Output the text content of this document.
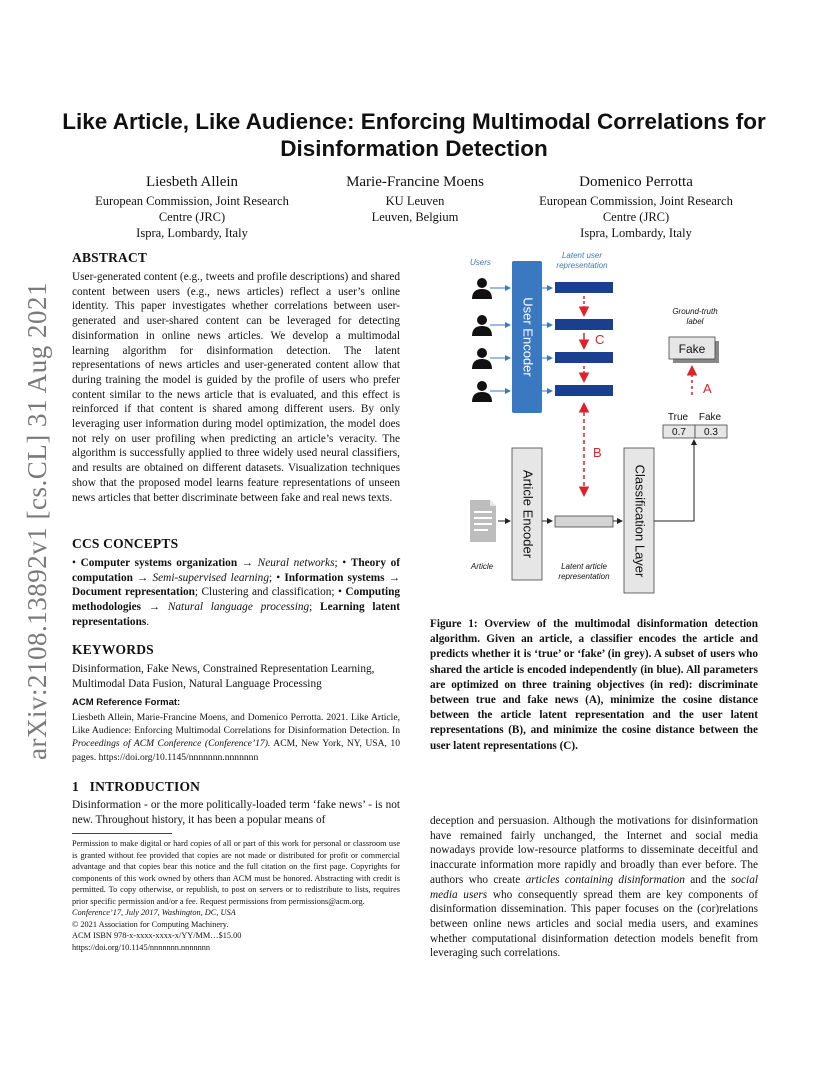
arXiv:2108.13892v1 [cs.CL] 31 Aug 2021
Like Article, Like Audience: Enforcing Multimodal Correlations for Disinformation Detection
Liesbeth Allein
European Commission, Joint Research
Centre (JRC)
Ispra, Lombardy, Italy
Marie-Francine Moens
KU Leuven
Leuven, Belgium
Domenico Perrotta
European Commission, Joint Research
Centre (JRC)
Ispra, Lombardy, Italy
ABSTRACT

User-generated content (e.g., tweets and profile descriptions) and shared content between users (e.g., news articles) reflect a user’s online identity. This paper investigates whether correlations between user-generated and user-shared content can be leveraged for detecting disinformation in online news articles. We develop a multimodal learning algorithm for disinformation detection. The latent representations of news articles and user-generated content allow that during training the model is guided by the profile of users who prefer content similar to the news article that is evaluated, and this effect is reinforced if that content is shared among different users. By only leveraging user information during model optimization, the model does not rely on user profiling when predicting an article’s veracity. The algorithm is successfully applied to three widely used neural classifiers, and results are obtained on different datasets. Visualization techniques show that the proposed model learns feature representations of unseen news articles that better discriminate between fake and real news texts.

CCS CONCEPTS

• Computer systems organization → Neural networks; • Theory of computation → Semi-supervised learning; • Information systems → Document representation; Clustering and classification; • Computing methodologies → Natural language processing; Learning latent representations.

KEYWORDS

Disinformation, Fake News, Constrained Representation Learning, Multimodal Data Fusion, Natural Language Processing

ACM Reference Format:

Liesbeth Allein, Marie-Francine Moens, and Domenico Perrotta. 2021. Like Article, Like Audience: Enforcing Multimodal Correlations for Disinformation Detection. In Proceedings of ACM Conference (Conference’17). ACM, New York, NY, USA, 10 pages. https://doi.org/10.1145/nnnnnnn.nnnnnnn

1   INTRODUCTION

Disinformation - or the more politically-loaded term ‘fake news’ - is not new. Throughout history, it has been a popular means of

Permission to make digital or hard copies of all or part of this work for personal or classroom use is granted without fee provided that copies are not made or distributed for profit or commercial advantage and that copies bear this notice and the full citation on the first page. Copyrights for components of this work owned by others than ACM must be honored. Abstracting with credit is permitted. To copy otherwise, or republish, to post on servers or to redistribute to lists, requires prior specific permission and/or a fee. Request permissions from permissions@acm.org.
Conference’17, July 2017, Washington, DC, USA
© 2021 Association for Computing Machinery.
ACM ISBN 978-x-xxxx-xxxx-x/YY/MM…$15.00
https://doi.org/10.1145/nnnnnnn.nnnnnnn
Users
Latent user
representation
User Encoder	C
B
Ground-truth
label
Fake
A
True Fake
0.7 0.3
Article
Article Encoder
Latent article
representation Classification Layer

Figure 1: Overview of the multimodal disinformation detection algorithm. Given an article, a classifier encodes the article and predicts whether it is ‘true’ or ‘fake’ (in grey). A subset of users who shared the article is encoded independently (in blue). All parameters are optimized on three training objectives (in red): discriminate between true and fake news (A), minimize the cosine distance between the article latent representation and the user latent representations (B), and minimize the cosine distance between the user latent representations (C).

deception and persuasion. Although the motivations for disinformation have remained fairly unchanged, the Internet and social media nowadays provide low-resource platforms to disseminate deceitful and inaccurate information more rapidly and broadly than ever before. The authors who create articles containing disinformation and the social media users who consequently spread them are key components of disinformation dissemination. This paper focuses on the (cor)relations between online news articles and social media users, and examines whether computational disinformation detection models benefit from leveraging such correlations.
